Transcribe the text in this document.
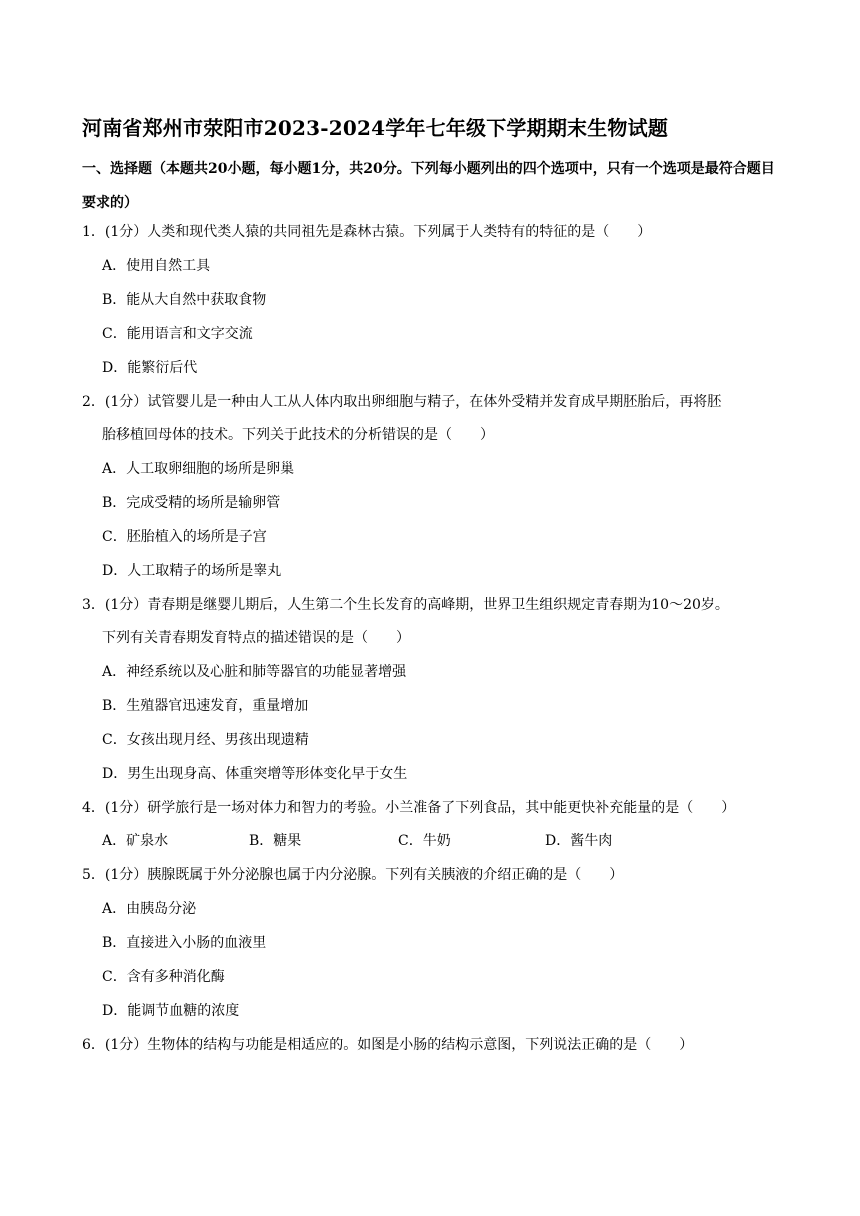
河南省郑州市荥阳市2023-2024学年七年级下学期期末生物试题
一、选择题（本题共20小题，每小题1分，共20分。下列每小题列出的四个选项中，只有一个选项是最符合题目要求的）
1．(1分）人类和现代类人猿的共同祖先是森林古猿。下列属于人类特有的特征的是（　　）
A．使用自然工具
B．能从大自然中获取食物
C．能用语言和文字交流
D．能繁衍后代
2．(1分）试管婴儿是一种由人工从人体内取出卵细胞与精子，在体外受精并发育成早期胚胎后，再将胚
胎移植回母体的技术。下列关于此技术的分析错误的是（　　）
A．人工取卵细胞的场所是卵巢
B．完成受精的场所是输卵管
C．胚胎植入的场所是子宫
D．人工取精子的场所是睾丸
3．(1分）青春期是继婴儿期后，人生第二个生长发育的高峰期，世界卫生组织规定青春期为10～20岁。
下列有关青春期发育特点的描述错误的是（　　）
A．神经系统以及心脏和肺等器官的功能显著增强
B．生殖器官迅速发育，重量增加
C．女孩出现月经、男孩出现遗精
D．男生出现身高、体重突增等形体变化早于女生
4．(1分）研学旅行是一场对体力和智力的考验。小兰准备了下列食品，其中能更快补充能量的是（　　）
A．矿泉水	B．糖果	C．牛奶	D．酱牛肉
5．(1分）胰腺既属于外分泌腺也属于内分泌腺。下列有关胰液的介绍正确的是（　　）
A．由胰岛分泌
B．直接进入小肠的血液里
C．含有多种消化酶
D．能调节血糖的浓度
6．(1分）生物体的结构与功能是相适应的。如图是小肠的结构示意图，下列说法正确的是（　　）
